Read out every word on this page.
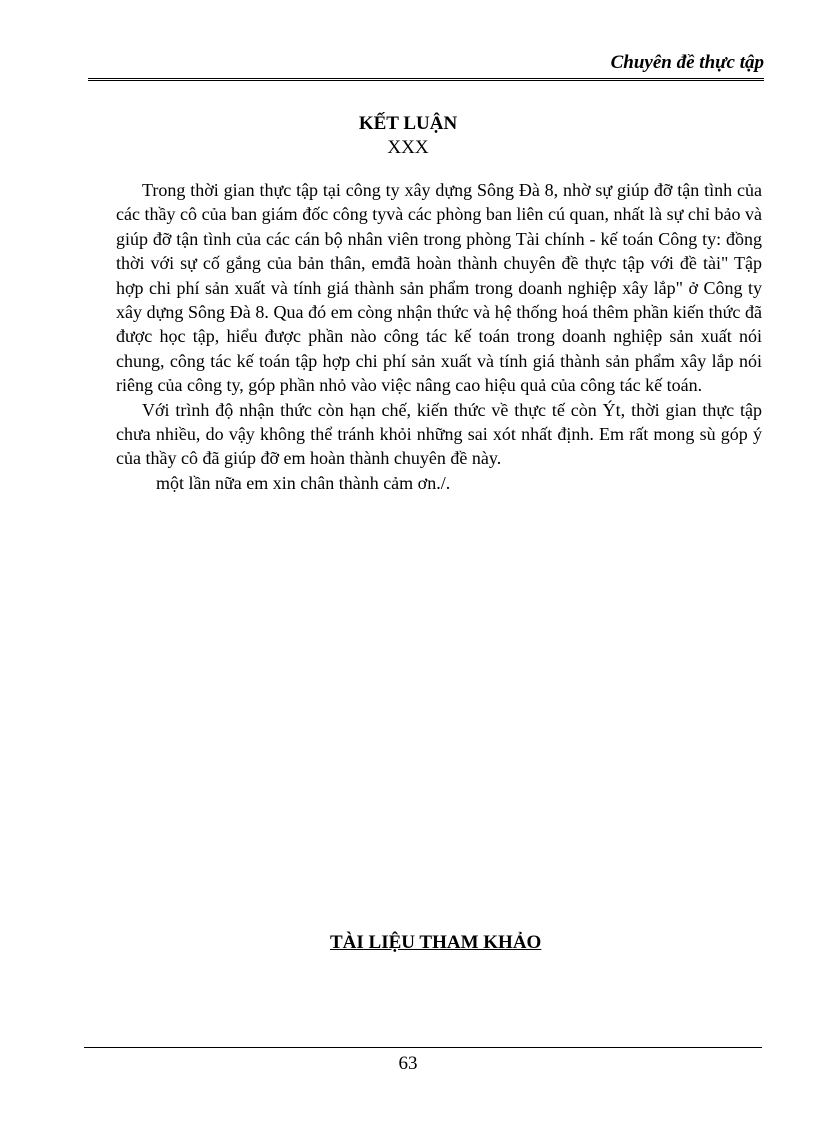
Chuyên đề thực tập
KẾT LUẬN
XXX

Trong thời gian thực tập tại công ty xây dựng Sông Đà 8, nhờ sự giúp đỡ tận tình của các thầy cô của ban giám đốc công tyvà các phòng ban liên cú quan, nhất là sự chỉ bảo và giúp đỡ tận tình của các cán bộ nhân viên trong phòng Tài chính - kế toán Công ty: đồng thời với sự cố gắng của bản thân, emđã hoàn thành chuyên đề thực tập với đề tài" Tập hợp chi phí sản xuất và tính giá thành sản phẩm trong doanh nghiệp xây lắp" ở Công ty xây dựng Sông Đà 8. Qua đó em còng nhận thức và hệ thống hoá thêm phần kiến thức đã được học tập, hiểu được phần nào công tác kế toán trong doanh nghiệp sản xuất nói chung, công tác kế toán tập hợp chi phí sản xuất và tính giá thành sản phẩm xây lắp nói riêng của công ty, góp phần nhỏ vào việc nâng cao hiệu quả của công tác kế toán.

Với trình độ nhận thức còn hạn chế, kiến thức về thực tế còn Ýt, thời gian thực tập chưa nhiều, do vậy không thể tránh khỏi những sai xót nhất định. Em rất mong sù góp ý của thầy cô đã giúp đỡ em hoàn thành chuyên đề này.

một lần nữa em xin chân thành cảm ơn./.

TÀI LIỆU THAM KHẢO
63
